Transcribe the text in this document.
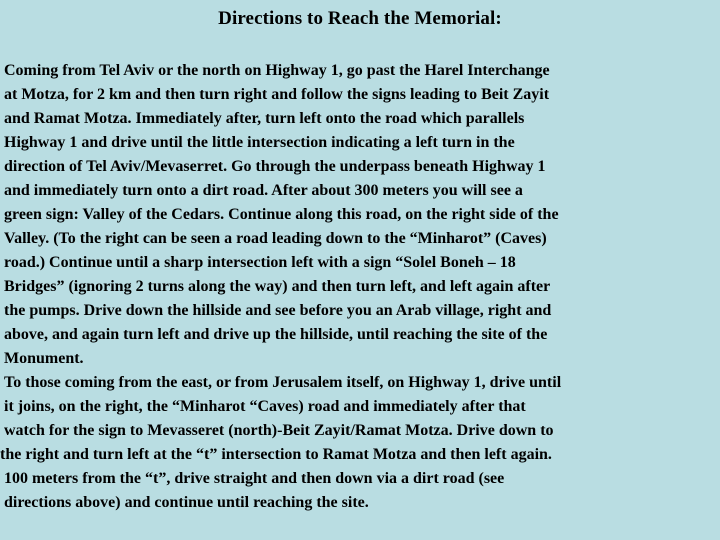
Directions to Reach the Memorial:
Coming from Tel Aviv or the north on Highway 1, go past the Harel Interchange
at Motza, for 2 km and then turn right and follow the signs leading to Beit Zayit
and Ramat Motza. Immediately after, turn left onto the road which parallels
Highway 1 and drive until the little intersection indicating a left turn in the
direction of Tel Aviv/Mevaserret. Go through the underpass beneath Highway 1
and immediately turn onto a dirt road. After about 300 meters you will see a
green sign: Valley of the Cedars. Continue along this road, on the right side of the
Valley. (To the right can be seen a road leading down to the “Minharot” (Caves)
road.) Continue until a sharp intersection left with a sign “Solel Boneh – 18
Bridges” (ignoring 2 turns along the way) and then turn left, and left again after
the pumps. Drive down the hillside and see before you an Arab village, right and
above, and again turn left and drive up the hillside, until reaching the site of the
Monument.
To those coming from the east, or from Jerusalem itself, on Highway 1, drive until
it joins, on the right, the “Minharot “Caves) road and immediately after that
watch for the sign to Mevasseret (north)-Beit Zayit/Ramat Motza. Drive down to
the right and turn left at the “t” intersection to Ramat Motza and then left again.
100 meters from the “t”, drive straight and then down via a dirt road (see
directions above) and continue until reaching the site.
